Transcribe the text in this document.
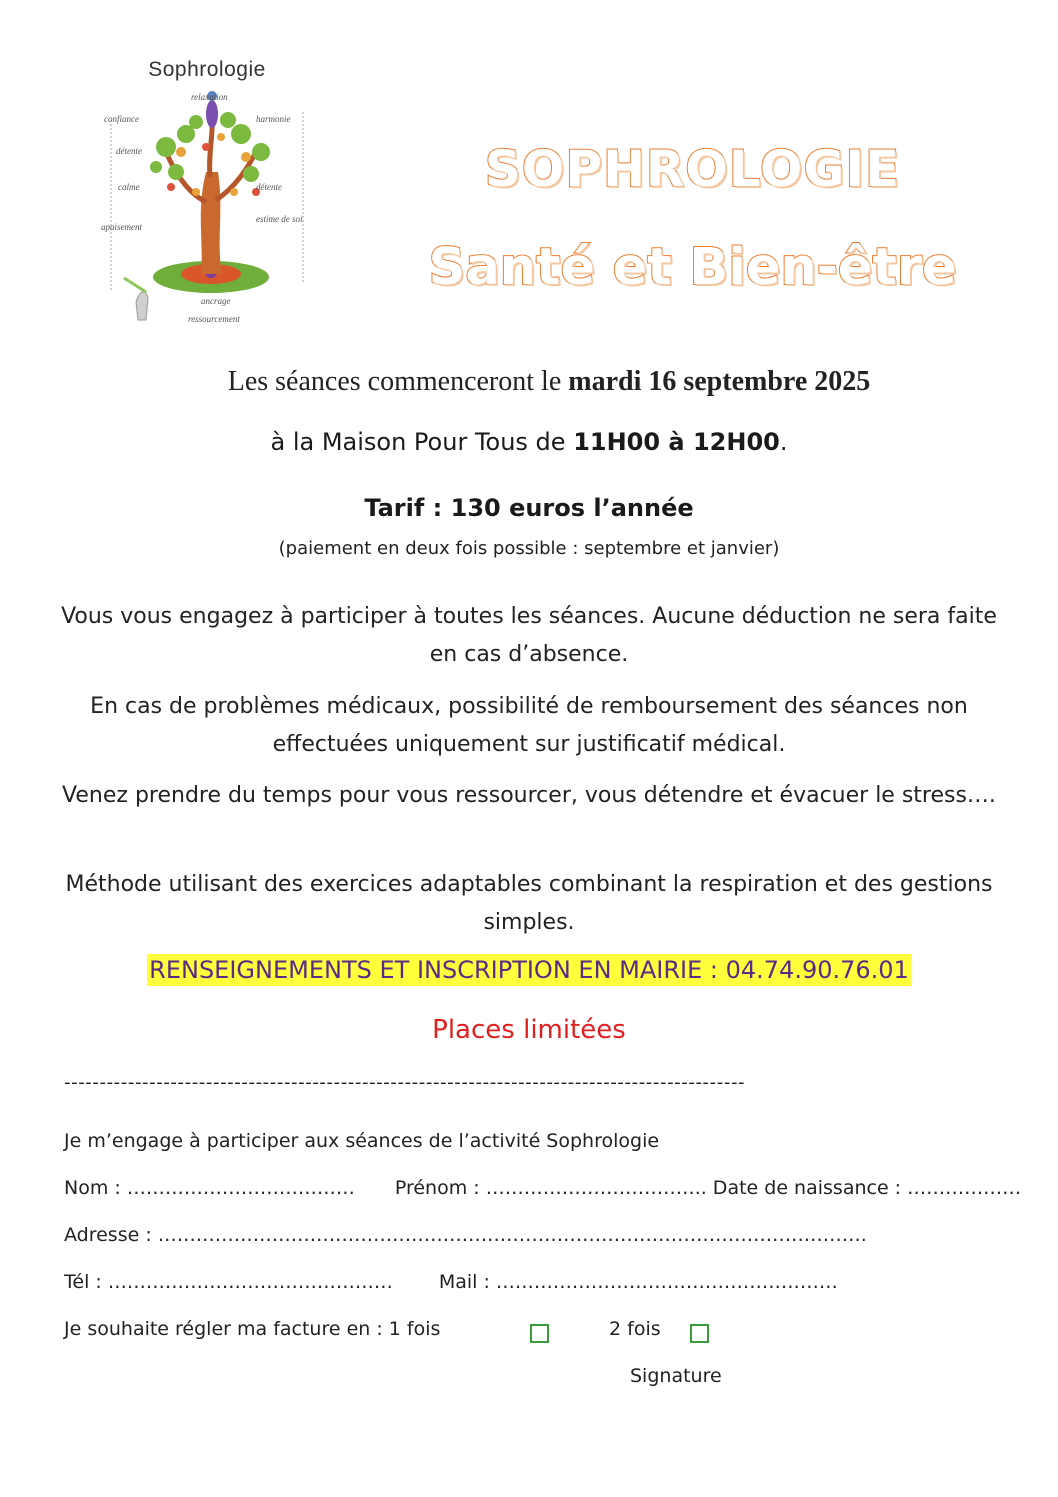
relaxation
confiance	harmonie
détente
calme	détente
apaisement
estime de soi
ancrage
ressourcement
Sophrologie
SOPHROLOGIE
Santé et Bien-être
Les séances commenceront le mardi 16 septembre 2025
à la Maison Pour Tous de 11H00 à 12H00.
Tarif : 130 euros l’année
(paiement en deux fois possible : septembre et janvier)
Vous vous engagez à participer à toutes les séances. Aucune déduction ne sera faite en cas d’absence.
En cas de problèmes médicaux, possibilité de remboursement des séances non effectuées uniquement sur justificatif médical.
Venez prendre du temps pour vous ressourcer, vous détendre et évacuer le stress….
Méthode utilisant des exercices adaptables combinant la respiration et des gestions simples.
RENSEIGNEMENTS ET INSCRIPTION EN MAIRIE : 04.74.90.76.01
Places limitées
------------------------------------------------------------------------------------------------
Je m’engage à participer aux séances de l’activité Sophrologie
Nom : ……………………………… Prénom : …………………………….. Date de naissance : ………………
Adresse : ………………………………………………………………………………………………….
Tél : ……………………………………… Mail : ………………………………………………
Je souhaite régler ma facture en : 1 fois	2 fois
Signature
